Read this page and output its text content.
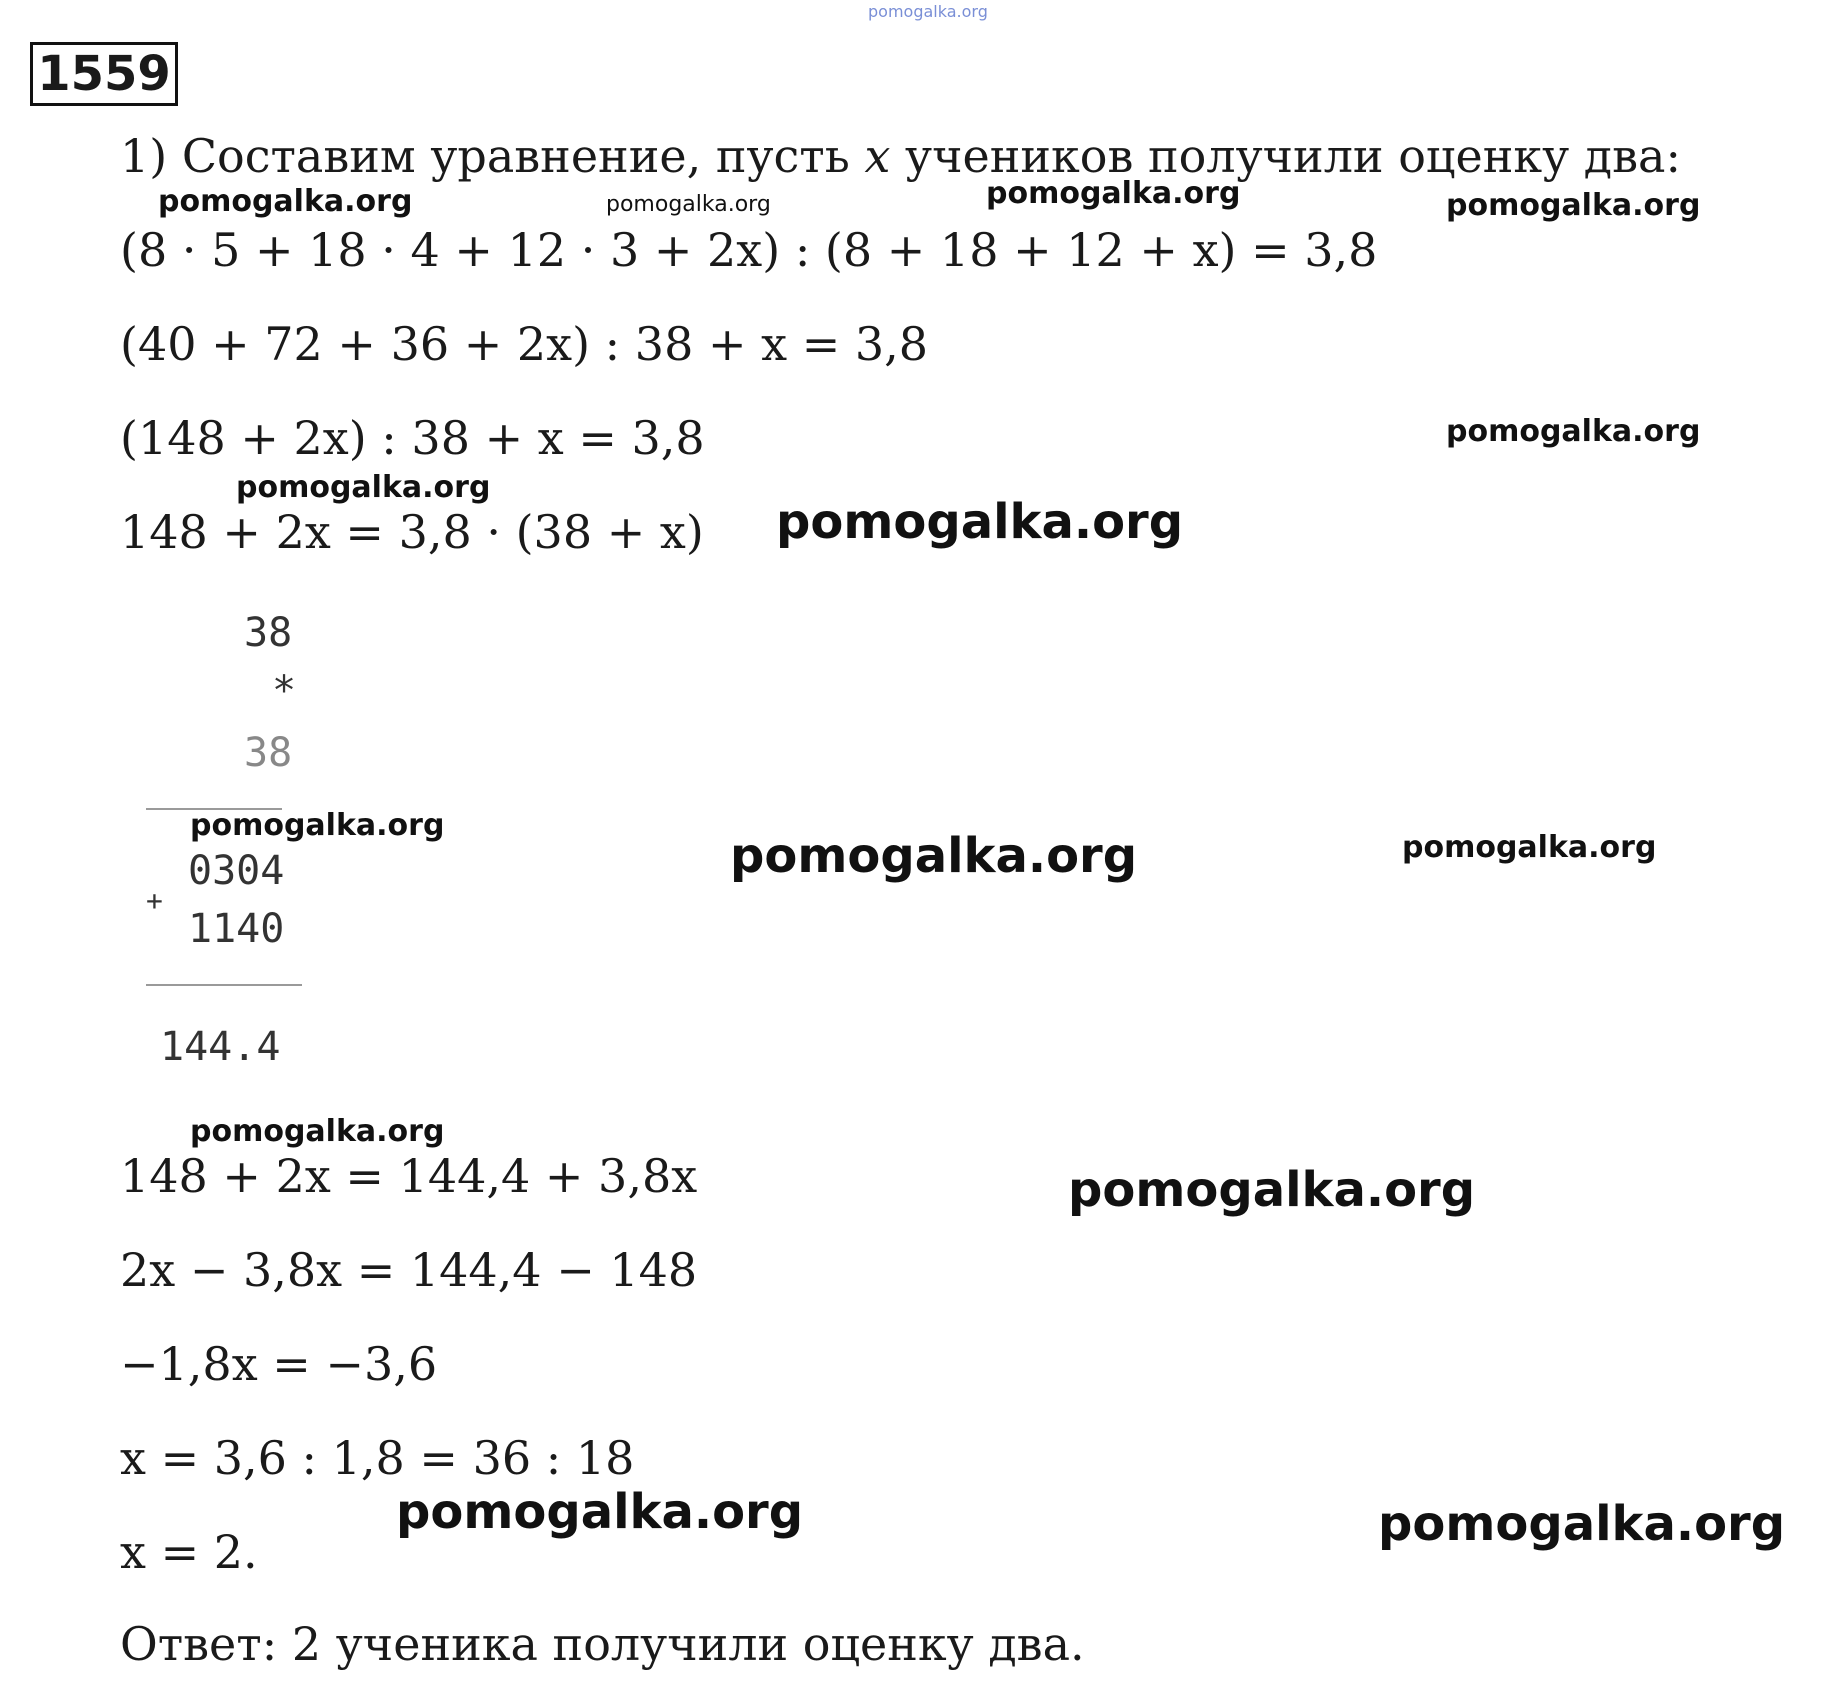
pomogalka.org
1559
1) Составим уравнение, пусть x учеников получили оценку два:
(8 · 5 + 18 · 4 + 12 · 3 + 2x) : (8 + 18 + 12 + x) = 3,8
(40 + 72 + 36 + 2x) : 38 + x = 3,8
(148 + 2x) : 38 + x = 3,8
148 + 2x = 3,8 · (38 + x)
38
*
38
0304
+
1140
144.4
148 + 2x = 144,4 + 3,8x
2x − 3,8x = 144,4 − 148
−1,8x = −3,6
x = 3,6 : 1,8 = 36 : 18
x = 2.
Ответ: 2 ученика получили оценку два.
pomogalka.org	pomogalka.org	pomogalka.org	pomogalka.org
pomogalka.org
pomogalka.org
pomogalka.org
pomogalka.org
pomogalka.org	pomogalka.org
pomogalka.org
pomogalka.org
pomogalka.org	pomogalka.org
